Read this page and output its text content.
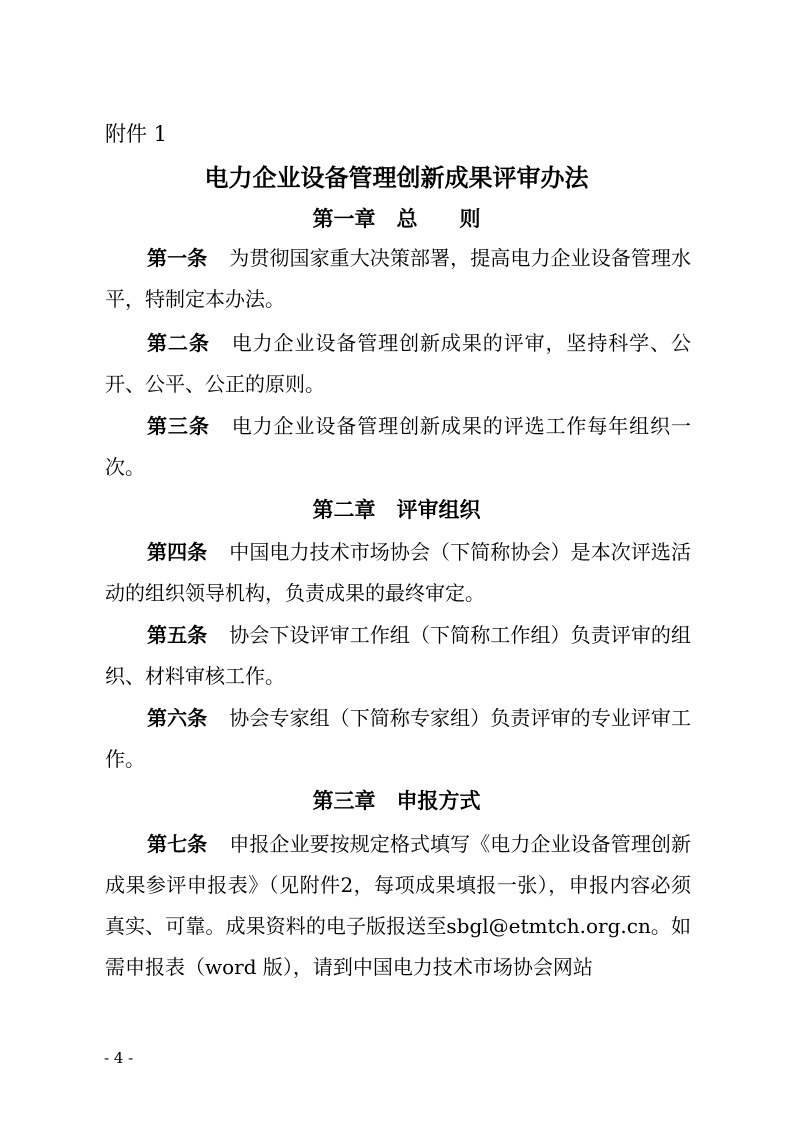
附件 1
电力企业设备管理创新成果评审办法
第一章　总　　则
第一条 为贯彻国家重大决策部署，提高电力企业设备管理水平，特制定本办法。
第二条 电力企业设备管理创新成果的评审，坚持科学、公开、公平、公正的原则。
第三条 电力企业设备管理创新成果的评选工作每年组织一次。
第二章　评审组织
第四条 中国电力技术市场协会（下简称协会）是本次评选活动的组织领导机构，负责成果的最终审定。
第五条 协会下设评审工作组（下简称工作组）负责评审的组织、材料审核工作。
第六条 协会专家组（下简称专家组）负责评审的专业评审工作。
第三章　申报方式
第七条 申报企业要按规定格式填写《电力企业设备管理创新成果参评申报表》（见附件2，每项成果填报一张），申报内容必须真实、可靠。成果资料的电子版报送至sbgl@etmtch.org.cn。如需申报表（word 版），请到中国电力技术市场协会网站
- 4 -
